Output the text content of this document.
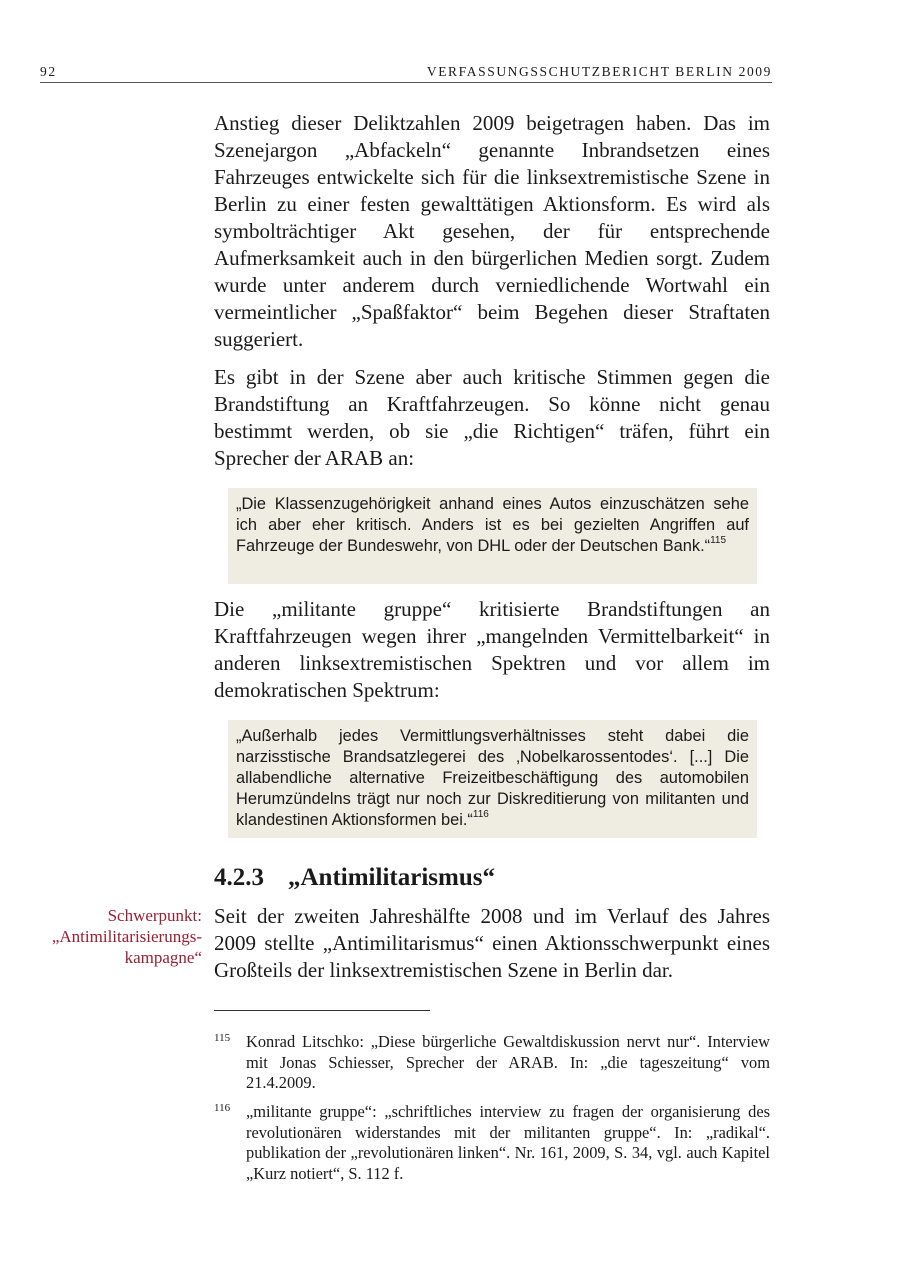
92	VERFASSUNGSSCHUTZBERICHT BERLIN 2009

Anstieg dieser Deliktzahlen 2009 beigetragen haben. Das im Szenejargon „Abfackeln“ genannte Inbrandsetzen eines Fahrzeuges entwickelte sich für die linksextremistische Szene in Berlin zu einer festen gewalttätigen Aktionsform. Es wird als symbolträchtiger Akt gesehen, der für entsprechende Aufmerksamkeit auch in den bürgerlichen Medien sorgt. Zudem wurde unter anderem durch verniedlichende Wortwahl ein vermeintlicher „Spaßfaktor“ beim Begehen dieser Straftaten suggeriert.

Es gibt in der Szene aber auch kritische Stimmen gegen die Brandstiftung an Kraftfahrzeugen. So könne nicht genau bestimmt werden, ob sie „die Richtigen“ träfen, führt ein Sprecher der ARAB an:

„Die Klassenzugehörigkeit anhand eines Autos einzuschätzen sehe ich aber eher kritisch. Anders ist es bei gezielten Angriffen auf Fahrzeuge der Bundeswehr, von DHL oder der Deutschen Bank.“$^{115}$

Die „militante gruppe“ kritisierte Brandstiftungen an Kraftfahrzeugen wegen ihrer „mangelnden Vermittelbarkeit“ in anderen linksextremistischen Spektren und vor allem im demokratischen Spektrum:

„Außerhalb jedes Vermittlungsverhältnisses steht dabei die narzisstische Brandsatzlegerei des ‚Nobelkarossentodes‘. [...] Die allabendliche alternative Freizeitbeschäftigung des automobilen Herumzündelns trägt nur noch zur Diskreditierung von militanten und klandestinen Aktionsformen bei.“$^{116}$
4.2.3 „Antimilitarismus“
Schwerpunkt:
„Antimilitarisierungs-
kampagne“

Seit der zweiten Jahreshälfte 2008 und im Verlauf des Jahres 2009 stellte „Antimilitarismus“ einen Aktionsschwerpunkt eines Großteils der linksextremistischen Szene in Berlin dar.

115 Konrad Litschko: „Diese bürgerliche Gewaltdiskussion nervt nur“. Interview mit Jonas Schiesser, Sprecher der ARAB. In: „die tageszeitung“ vom 21.4.2009.
116 „militante gruppe“: „schriftliches interview zu fragen der organisierung des revolutionären widerstandes mit der militanten gruppe“. In: „radikal“. publikation der „revolutionären linken“. Nr. 161, 2009, S. 34, vgl. auch Kapitel „Kurz notiert“, S. 112 f.
